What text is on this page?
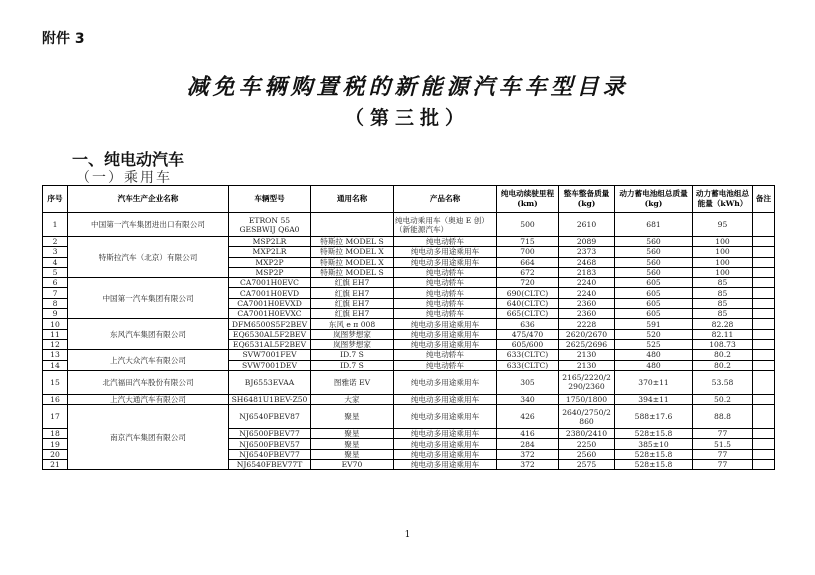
附件 3
减免车辆购置税的新能源汽车车型目录
（第三批）
一、纯电动汽车
（一）乘用车
序号	汽车生产企业名称	车辆型号	通用名称	产品名称	纯电动续驶里程(km)	整车整备质量(kg)	动力蓄电池组总质量(kg)	动力蓄电池组总能量（kWh）	备注
1	中国第一汽车集团进出口有限公司	ETRON 55 GESBWIJ Q6A0		纯电动乘用车（奥迪 E 创）（新能源汽车）	500	2610	681	95	
2	特斯拉汽车（北京）有限公司	MSP2LR	特斯拉 MODEL S	纯电动轿车	715	2089	560	100	
3		MXP2LR	特斯拉 MODEL X	纯电动多用途乘用车	700	2373	560	100	
4		MXP2P	特斯拉 MODEL X	纯电动多用途乘用车	664	2468	560	100	
5		MSP2P	特斯拉 MODEL S	纯电动轿车	672	2183	560	100	
6	中国第一汽车集团有限公司	CA7001H0EVC	红旗 EH7	纯电动轿车	720	2240	605	85	
7		CA7001H0EVD	红旗 EH7	纯电动轿车	690(CLTC)	2240	605	85	
8		CA7001H0EVXD	红旗 EH7	纯电动轿车	640(CLTC)	2360	605	85	
9		CA7001H0EVXC	红旗 EH7	纯电动轿车	665(CLTC)	2360	605	85	
10	东风汽车集团有限公司	DFM6500S5F2BEV	东风 e π 008	纯电动多用途乘用车	636	2228	591	82.28	
11		EQ6530AL5F2BEV	岚图梦想家	纯电动多用途乘用车	475/470	2620/2670	520	82.11	
12		EQ6531AL5F2BEV	岚图梦想家	纯电动多用途乘用车	605/600	2625/2696	525	108.73	
13	上汽大众汽车有限公司	SVW7001FEV	ID.7 S	纯电动轿车	633(CLTC)	2130	480	80.2	
14		SVW7001DEV	ID.7 S	纯电动轿车	633(CLTC)	2130	480	80.2	
15	北汽福田汽车股份有限公司	BJ6553EVAA	图雅诺 EV	纯电动多用途乘用车	305	2165/2220/2290/2360	370±11	53.58	
16	上汽大通汽车有限公司	SH6481U1BEV-Z50	大家	纯电动多用途乘用车	340	1750/1800	394±11	50.2	
17	南京汽车集团有限公司	NJ6540FBEV87	聚星	纯电动多用途乘用车	426	2640/2750/2860	588±17.6	88.8	
18		NJ6500FBEV77	聚星	纯电动多用途乘用车	416	2380/2410	528±15.8	77	
19		NJ6500FBEV57	聚星	纯电动多用途乘用车	284	2250	385±10	51.5	
20		NJ6540FBEV77	聚星	纯电动多用途乘用车	372	2560	528±15.8	77	
21		NJ6540FBEV77T	EV70	纯电动多用途乘用车	372	2575	528±15.8	77	
1
